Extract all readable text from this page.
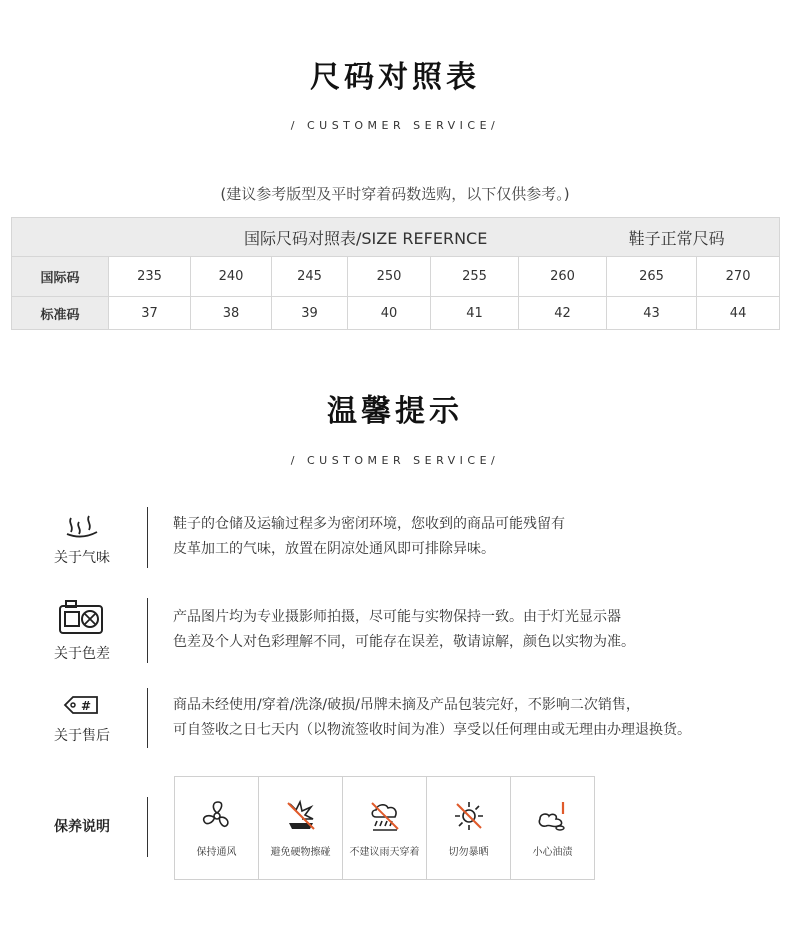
尺码对照表
/ CUSTOMER SERVICE/
(建议参考版型及平时穿着码数选购，以下仅供参考。)
国际尺码对照表/SIZE REFERNCE							鞋子正常尺码	
国际码	235	240	245	250	255	260	265	270
标准码	37	38	39	40	41	42	43	44
温馨提示
/ CUSTOMER SERVICE/
关于气味
鞋子的仓储及运输过程多为密闭环境，您收到的商品可能残留有
皮革加工的气味，放置在阴凉处通风即可排除异味。
关于色差
产品图片均为专业摄影师拍摄，尽可能与实物保持一致。由于灯光显示器
色差及个人对色彩理解不同，可能存在误差，敬请谅解，颜色以实物为准。
#
关于售后
商品未经使用/穿着/洗涤/破损/吊牌未摘及产品包装完好，不影响二次销售，
可自签收之日七天内（以物流签收时间为准）享受以任何理由或无理由办理退换货。
保养说明
保持通风	避免硬物擦碰 不建议雨天穿着	切勿暴晒	小心油渍
